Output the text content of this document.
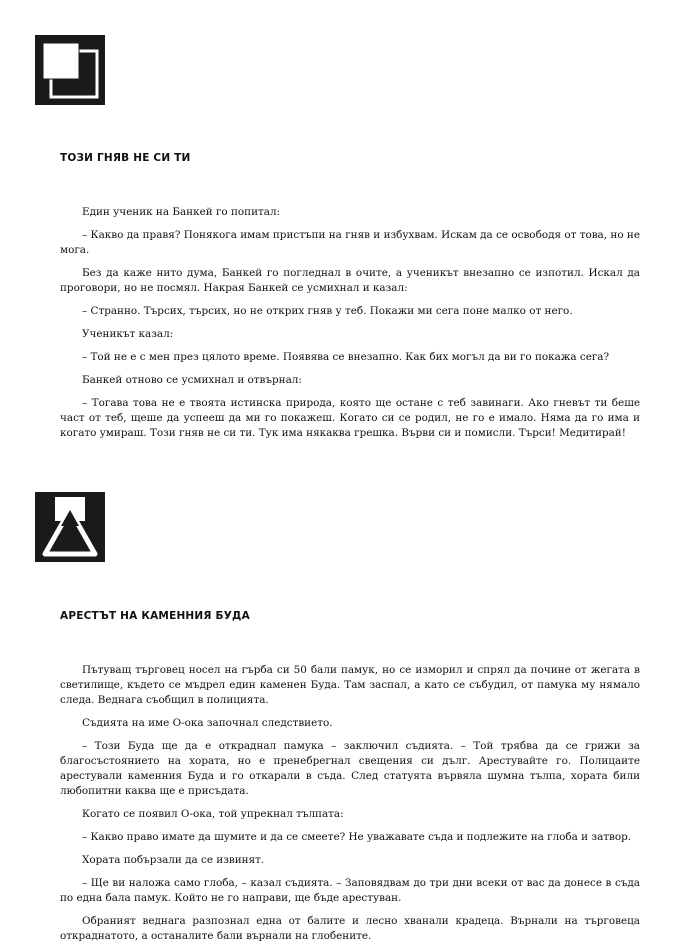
ТОЗИ ГНЯВ НЕ СИ ТИ

Един ученик на Банкей го попитал:

– Какво да правя? Понякога имам пристъпи на гняв и избухвам. Искам да се освободя от това, но не мога.

Без да каже нито дума, Банкей го погледнал в очите, а ученикът внезапно се изпотил. Искал да проговори, но не посмял. Накрая Банкей се усмихнал и казал:

– Странно. Търсих, търсих, но не открих гняв у теб. Покажи ми сега поне малко от него.

Ученикът казал:

– Той не е с мен през цялото време. Появява се внезапно. Как бих могъл да ви го покажа сега?

Банкей отново се усмихнал и отвърнал:

– Тогава това не е твоята истинска природа, която ще остане с теб завинаги. Ако гневът ти беше част от теб, щеше да успееш да ми го покажеш. Когато си се родил, не го е имало. Няма да го има и когато умираш. Този гняв не си ти. Тук има някаква грешка. Върви си и помисли. Търси! Медитирай!

АРЕСТЪТ НА КАМЕННИЯ БУДА

Пътуващ търговец носел на гърба си 50 бали памук, но се изморил и спрял да почине от жегата в светилище, където се мъдрел един каменен Буда. Там заспал, а като се събудил, от памука му нямало следа. Веднага съобщил в полицията.

Съдията на име О-ока започнал следствието.

– Този Буда ще да е откраднал памука – заключил съдията. – Той трябва да се грижи за благосъстоянието на хората, но е пренебрегнал свещения си дълг. Арестувайте го. Полицаите арестували каменния Буда и го откарали в съда. След статуята вървяла шумна тълпа, хората били любопитни каква ще е присъдата.

Когато се появил О-ока, той упрекнал тълпата:

– Какво право имате да шумите и да се смеете? Не уважавате съда и подлежите на глоба и затвор.

Хората побързали да се извинят.

– Ще ви наложа само глоба, – казал съдията. – Заповядвам до три дни всеки от вас да донесе в съда по една бала памук. Който не го направи, ще бъде арестуван.

Обраният веднага разпознал една от балите и лесно хванали крадеца. Върнали на търговеца откраднатото, а останалите бали върнали на глобените.
